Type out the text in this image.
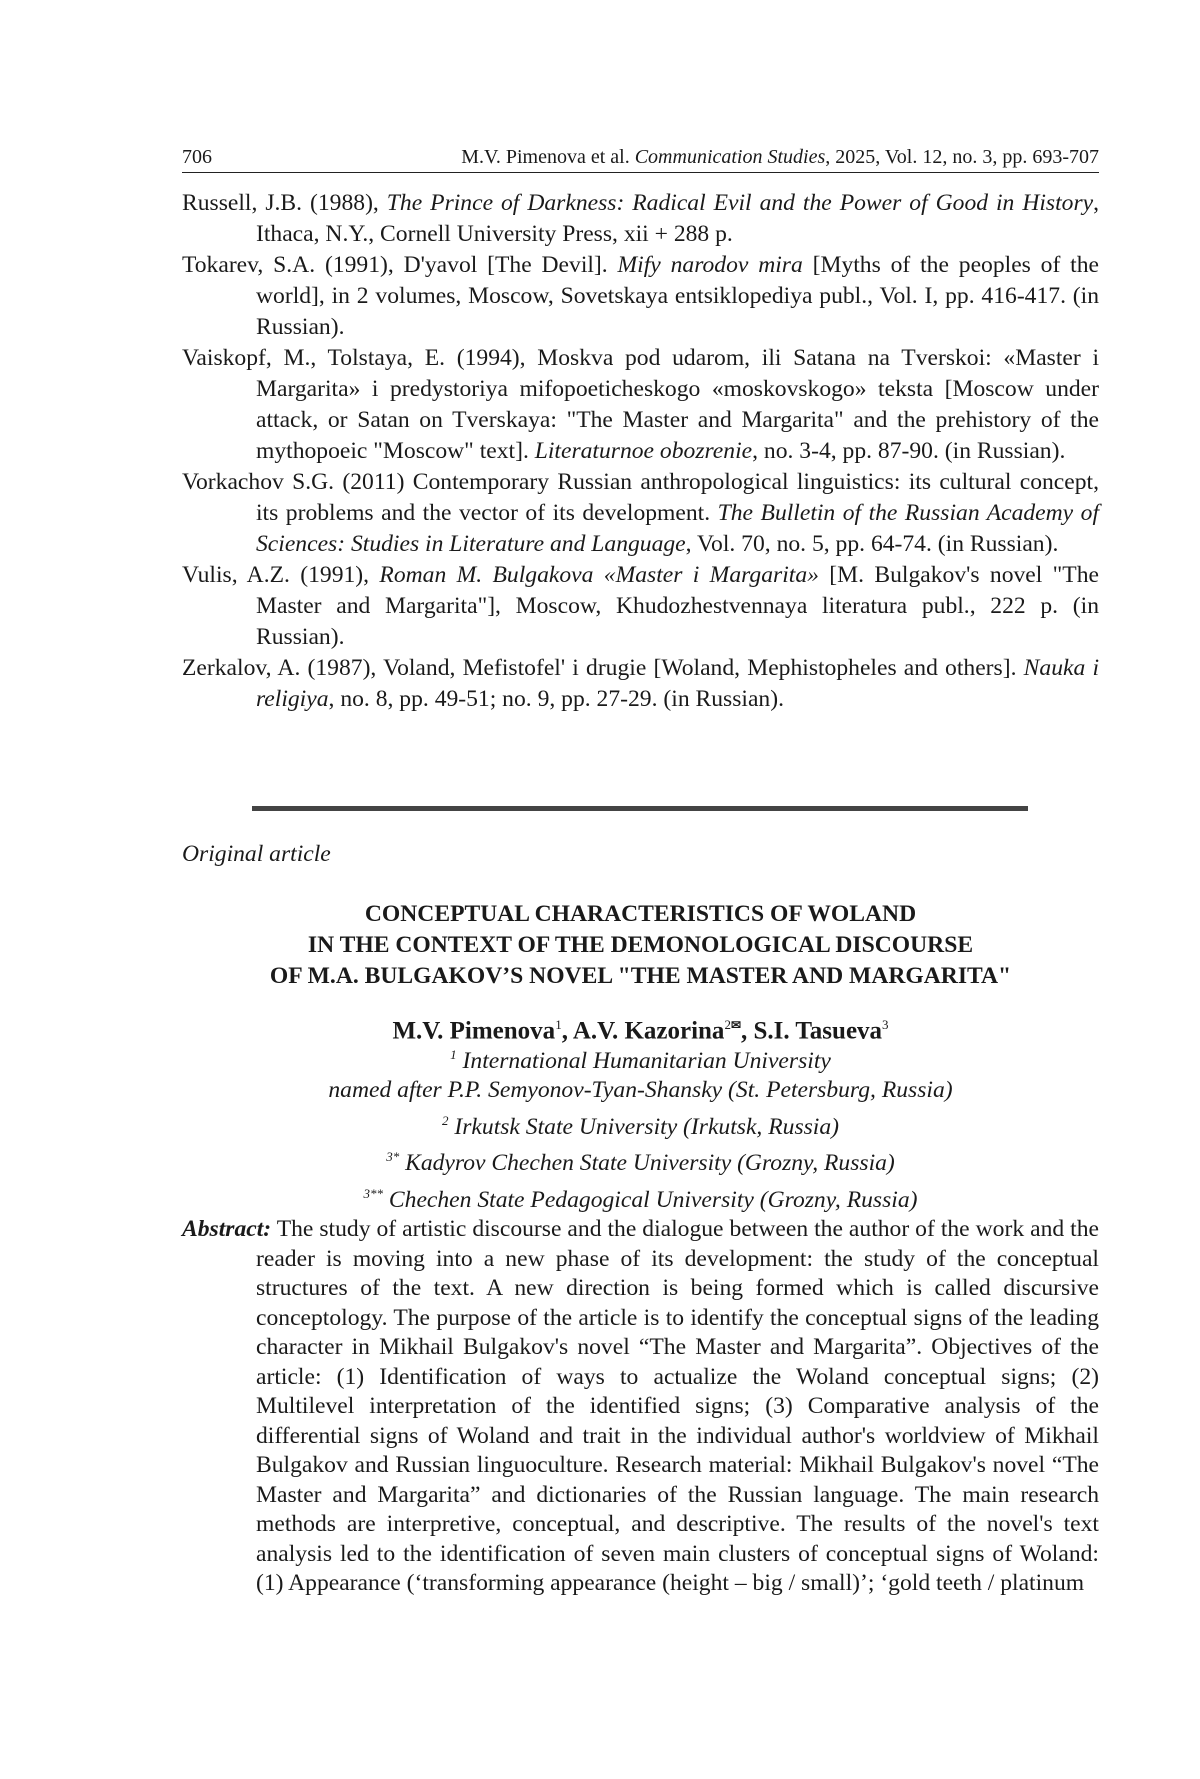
706	M.V. Pimenova et al. Communication Studies, 2025, Vol. 12, no. 3, pp. 693-707

Russell, J.B. (1988), The Prince of Darkness: Radical Evil and the Power of Good in History, Ithaca, N.Y., Cornell University Press, xii + 288 p.

Tokarev, S.A. (1991), D'yavol [The Devil]. Mify narodov mira [Myths of the peoples of the world], in 2 volumes, Moscow, Sovetskaya entsiklopediya publ., Vol. I, pp. 416-417. (in Russian).

Vaiskopf, M., Tolstaya, E. (1994), Moskva pod udarom, ili Satana na Tverskoi: «Master i Margarita» i predystoriya mifopoeticheskogo «moskovskogo» teksta [Moscow under attack, or Satan on Tverskaya: "The Master and Margarita" and the prehistory of the mythopoeic "Moscow" text]. Literaturnoe obozrenie, no. 3-4, pp. 87-90. (in Russian).

Vorkachov S.G. (2011) Contemporary Russian anthropological linguistics: its cultural concept, its problems and the vector of its development. The Bulletin of the Russian Academy of Sciences: Studies in Literature and Language, Vol. 70, no. 5, pp. 64-74. (in Russian).

Vulis, A.Z. (1991), Roman M. Bulgakova «Master i Margarita» [M. Bulgakov's novel "The Master and Margarita"], Moscow, Khudozhestvennaya literatura publ., 222 p. (in Russian).

Zerkalov, A. (1987), Voland, Mefistofel' i drugie [Woland, Mephistopheles and others]. Nauka i religiya, no. 8, pp. 49-51; no. 9, pp. 27-29. (in Russian).

Original article
CONCEPTUAL CHARACTERISTICS OF WOLAND
IN THE CONTEXT OF THE DEMONOLOGICAL DISCOURSE
OF M.A. BULGAKOV’S NOVEL "THE MASTER AND MARGARITA"
M.V. Pimenova$^1$, A.V. Kazorina$^2$✉, S.I. Tasueva$^3$

$^1$ International Humanitarian University

named after P.P. Semyonov-Tyan-Shansky (St. Petersburg, Russia)

$^2$ Irkutsk State University (Irkutsk, Russia)

$^{3*}$ Kadyrov Chechen State University (Grozny, Russia)

$^{3**}$ Chechen State Pedagogical University (Grozny, Russia)

Abstract: The study of artistic discourse and the dialogue between the author of the work and the reader is moving into a new phase of its development: the study of the conceptual structures of the text. A new direction is being formed which is called discursive conceptology. The purpose of the article is to identify the conceptual signs of the leading character in Mikhail Bulgakov's novel “The Master and Margarita”. Objectives of the article: (1) Identification of ways to actualize the Woland conceptual signs; (2) Multilevel interpretation of the identified signs; (3) Comparative analysis of the differential signs of Woland and trait in the individual author's worldview of Mikhail Bulgakov and Russian linguoculture. Research material: Mikhail Bulgakov's novel “The Master and Margarita” and dictionaries of the Russian language. The main research methods are interpretive, conceptual, and descriptive. The results of the novel's text analysis led to the identification of seven main clusters of conceptual signs of Woland: (1) Appearance (‘transforming appearance (height – big / small)’; ‘gold teeth / platinum
